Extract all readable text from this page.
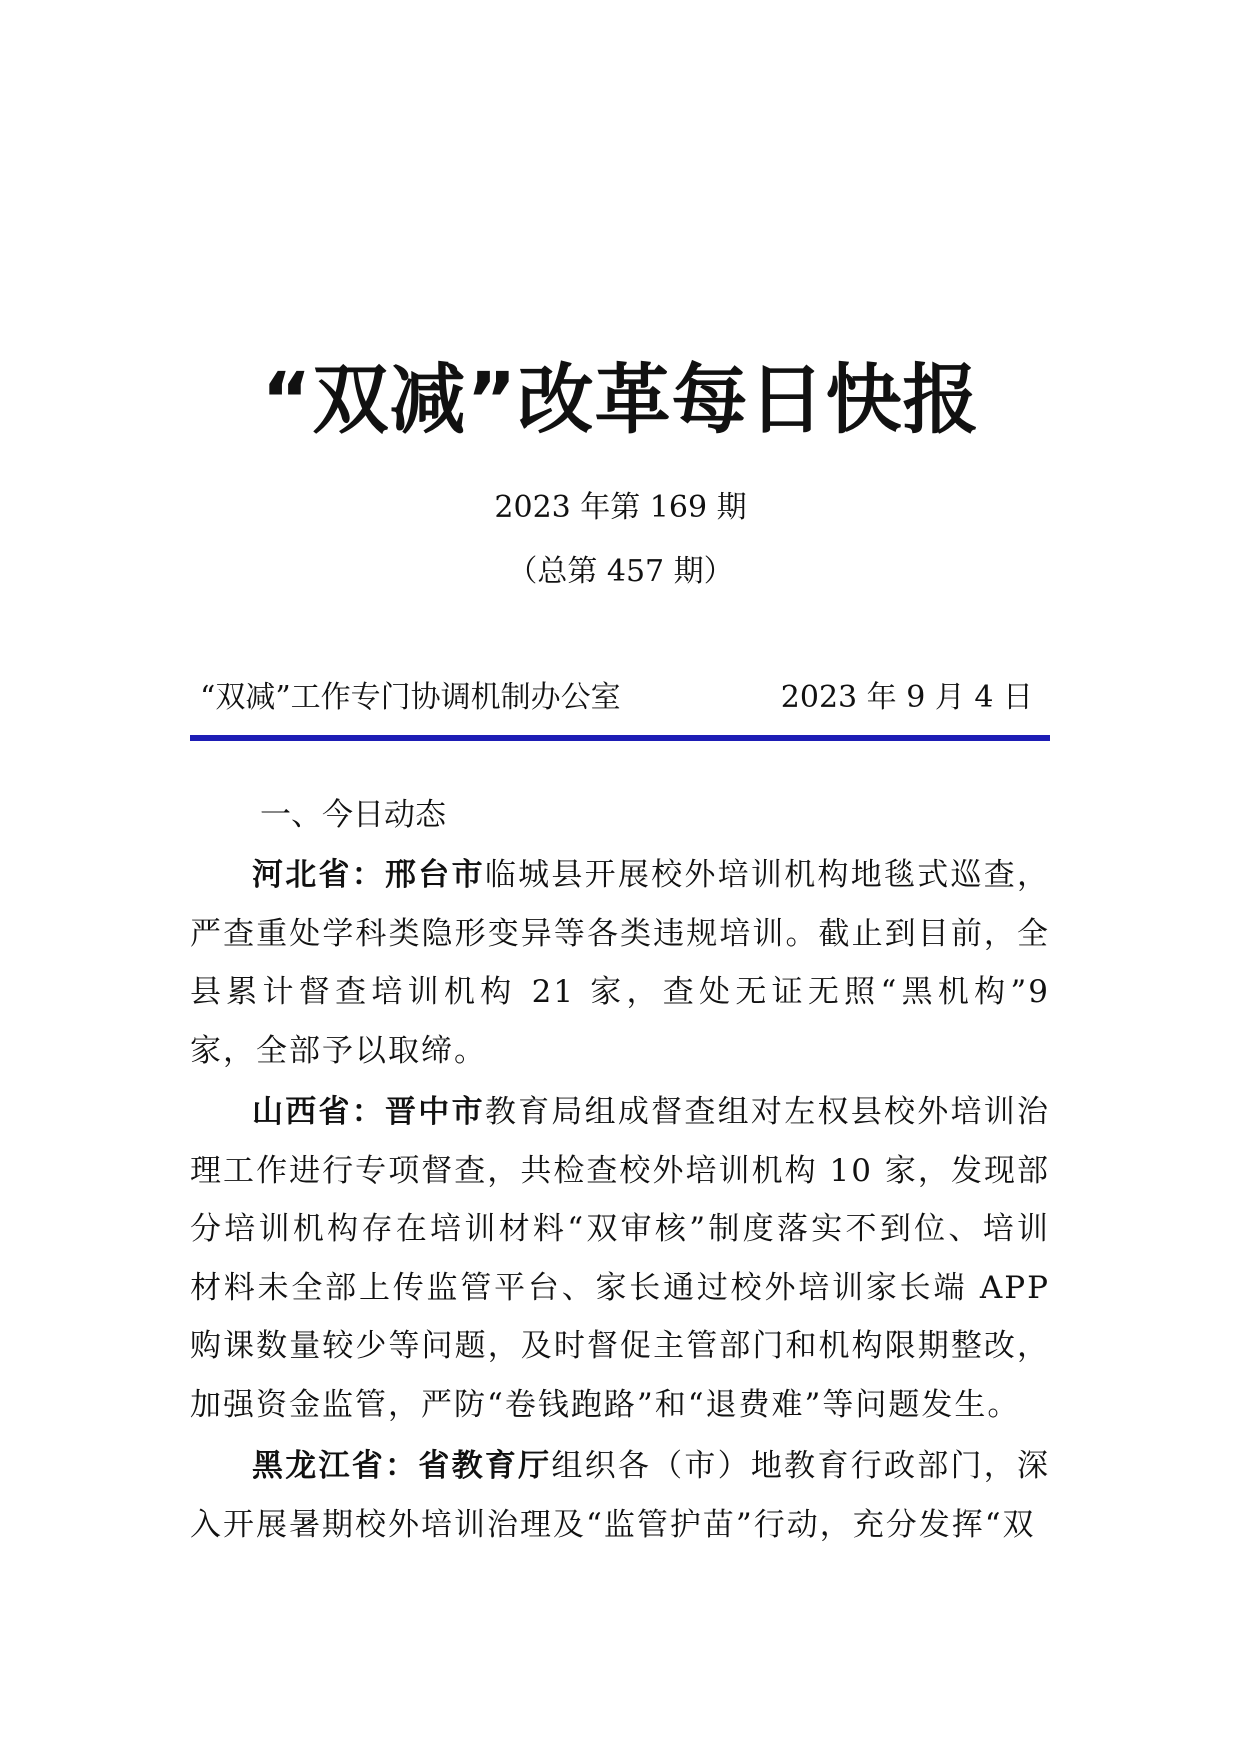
“双减”改革每日快报
2023 年第 169 期
（总第 457 期）
“双减”工作专门协调机制办公室	2023 年 9 月 4 日
一、今日动态

河北省：邢台市临城县开展校外培训机构地毯式巡查，严查重处学科类隐形变异等各类违规培训。截止到目前，全县累计督查培训机构 21 家，查处无证无照“黑机构”9 家，全部予以取缔。

山西省：晋中市教育局组成督查组对左权县校外培训治理工作进行专项督查，共检查校外培训机构 10 家，发现部分培训机构存在培训材料“双审核”制度落实不到位、培训材料未全部上传监管平台、家长通过校外培训家长端 APP 购课数量较少等问题，及时督促主管部门和机构限期整改，加强资金监管，严防“卷钱跑路”和“退费难”等问题发生。

黑龙江省：省教育厅组织各（市）地教育行政部门，深入开展暑期校外培训治理及“监管护苗”行动，充分发挥“双
